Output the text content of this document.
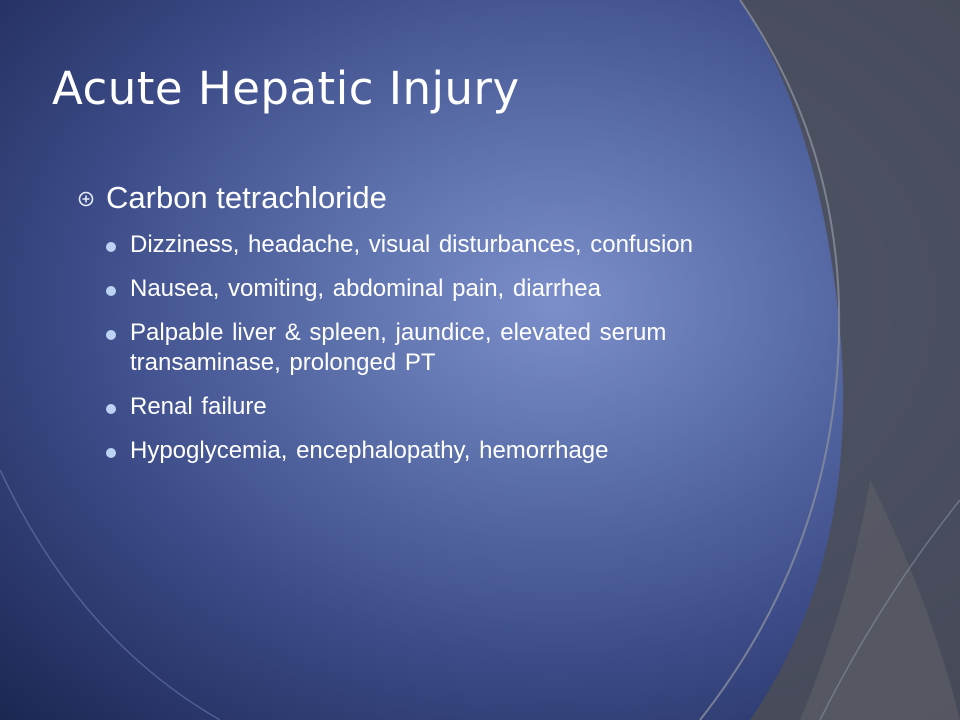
Acute Hepatic Injury
Carbon tetrachloride
Dizziness, headache, visual disturbances, confusion
Nausea, vomiting, abdominal pain, diarrhea
Palpable liver & spleen, jaundice, elevated serum transaminase, prolonged PT
Renal failure
Hypoglycemia, encephalopathy, hemorrhage
